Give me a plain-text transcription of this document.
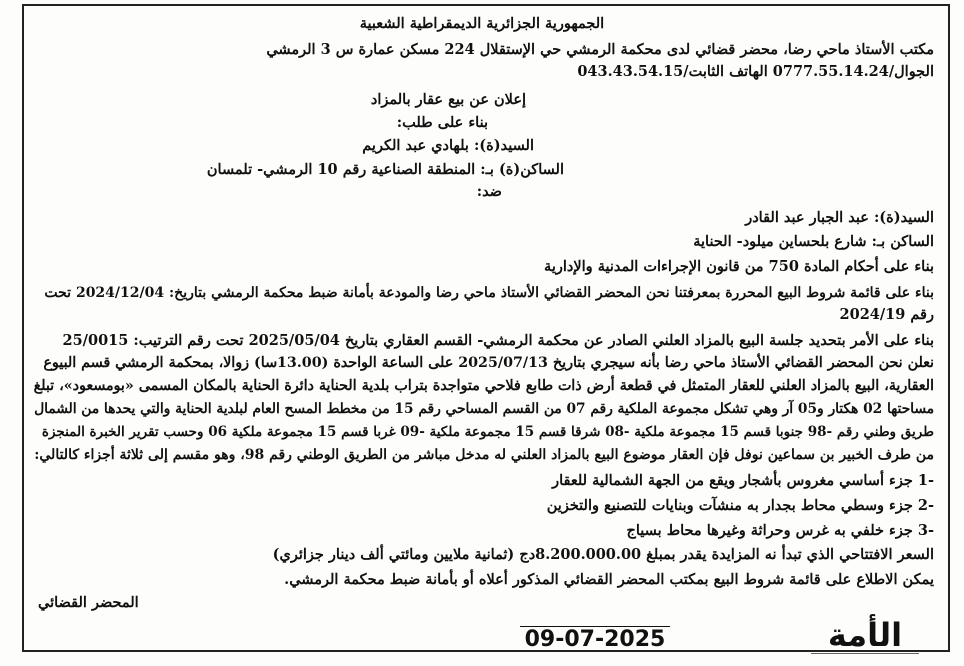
الجمهورية الجزائرية الديمقراطية الشعبية
مكتب الأستاذ ماحي رضا، محضر قضائي لدى محكمة الرمشي حي الإستقلال 224 مسكن عمارة س 3 الرمشي
الجوال/0777.55.14.24 الهاتف الثابت/043.43.54.15
إعلان عن بيع عقار بالمزاد
بناء على طلب:
السيد(ة): بلهادي عبد الكريم
الساكن(ة) بـ: المنطقة الصناعية رقم 10 الرمشي- تلمسان
ضد:
السيد(ة): عبد الجبار عبد القادر
الساكن بـ: شارع بلحساين ميلود- الحناية
بناء على أحكام المادة 750 من قانون الإجراءات المدنية والإدارية
بناء على قائمة شروط البيع المحررة بمعرفتنا نحن المحضر القضائي الأستاذ ماحي رضا والمودعة بأمانة ضبط محكمة الرمشي بتاريخ: 2024/12/04 تحت
رقم 2024/19
بناء على الأمر بتحديد جلسة البيع بالمزاد العلني الصادر عن محكمة الرمشي- القسم العقاري بتاريخ 2025/05/04 تحت رقم الترتيب: 25/0015
نعلن نحن المحضر القضائي الأستاذ ماحي رضا بأنه سيجري بتاريخ 2025/07/13 على الساعة الواحدة (13.00سا) زوالا، بمحكمة الرمشي قسم البيوع
العقارية، البيع بالمزاد العلني للعقار المتمثل في قطعة أرض ذات طابع فلاحي متواجدة بتراب بلدية الحناية دائرة الحناية بالمكان المسمى «بومسعود»، تبلغ
مساحتها 02 هكتار و05 آر وهي تشكل مجموعة الملكية رقم 07 من القسم المساحي رقم 15 من مخطط المسح العام لبلدية الحناية والتي يحدها من الشمال
طريق وطني رقم -98 جنوبا قسم 15 مجموعة ملكية -08 شرقا قسم 15 مجموعة ملكية -09 غربا قسم 15 مجموعة ملكية 06 وحسب تقرير الخبرة المنجزة
من طرف الخبير بن سماعين نوفل فإن العقار موضوع البيع بالمزاد العلني له مدخل مباشر من الطريق الوطني رقم 98، وهو مقسم إلى ثلاثة أجزاء كالتالي:
-1 جزء أساسي مغروس بأشجار ويقع من الجهة الشمالية للعقار
-2 جزء وسطي محاط بجدار به منشآت وبنايات للتصنيع والتخزين
-3 جزء خلفي به غرس وحراثة وغيرها محاط بسياج
السعر الافتتاحي الذي تبدأ نه المزايدة يقدر بمبلغ 8.200.000.00دج (ثمانية ملايين ومائتي ألف دينار جزائري)
يمكن الاطلاع على قائمة شروط البيع بمكتب المحضر القضائي المذكور أعلاه أو بأمانة ضبط محكمة الرمشي.
المحضر القضائي
09-07-2025	الأمة
